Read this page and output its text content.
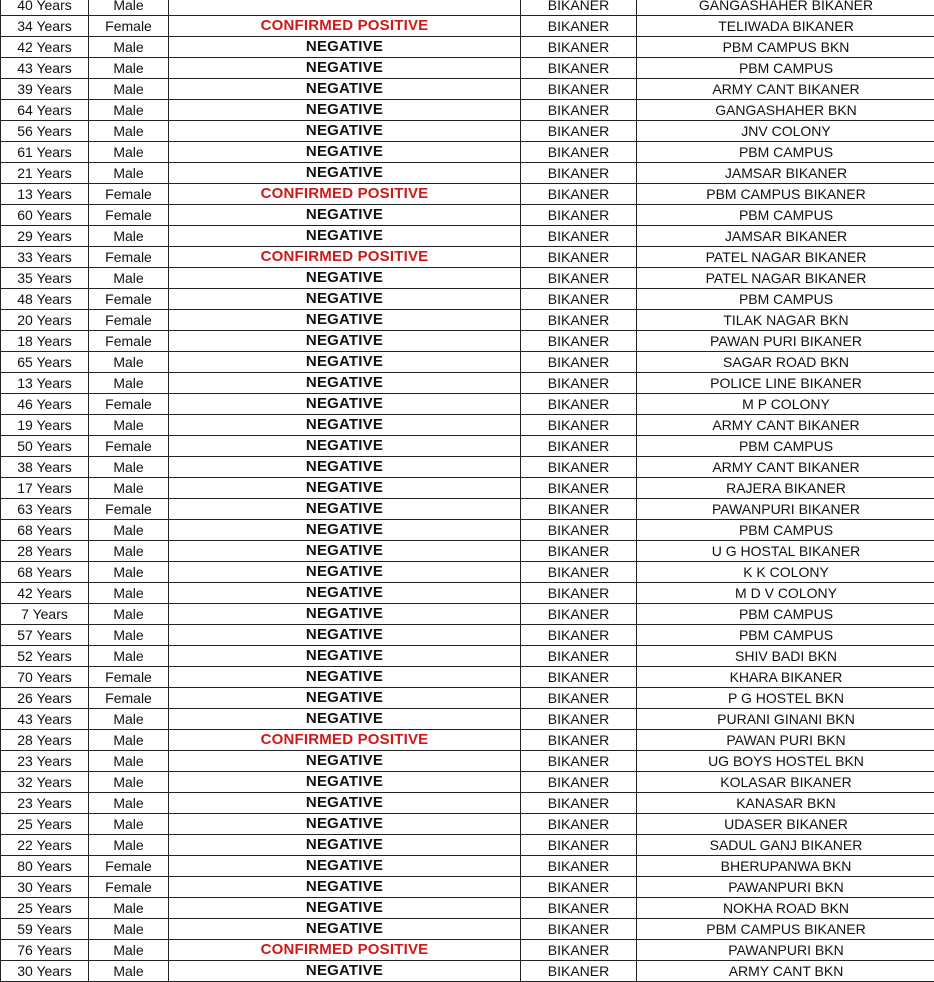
40 Years	Male		BIKANER	GANGASHAHER BIKANER
34 Years	Female	CONFIRMED POSITIVE	BIKANER	TELIWADA BIKANER
42 Years	Male	NEGATIVE	BIKANER	PBM CAMPUS BKN
43 Years	Male	NEGATIVE	BIKANER	PBM CAMPUS
39 Years	Male	NEGATIVE	BIKANER	ARMY CANT BIKANER
64 Years	Male	NEGATIVE	BIKANER	GANGASHAHER BKN
56 Years	Male	NEGATIVE	BIKANER	JNV COLONY
61 Years	Male	NEGATIVE	BIKANER	PBM CAMPUS
21 Years	Male	NEGATIVE	BIKANER	JAMSAR BIKANER
13 Years	Female	CONFIRMED POSITIVE	BIKANER	PBM CAMPUS BIKANER
60 Years	Female	NEGATIVE	BIKANER	PBM CAMPUS
29 Years	Male	NEGATIVE	BIKANER	JAMSAR BIKANER
33 Years	Female	CONFIRMED POSITIVE	BIKANER	PATEL NAGAR BIKANER
35 Years	Male	NEGATIVE	BIKANER	PATEL NAGAR BIKANER
48 Years	Female	NEGATIVE	BIKANER	PBM CAMPUS
20 Years	Female	NEGATIVE	BIKANER	TILAK NAGAR BKN
18 Years	Female	NEGATIVE	BIKANER	PAWAN PURI BIKANER
65 Years	Male	NEGATIVE	BIKANER	SAGAR ROAD BKN
13 Years	Male	NEGATIVE	BIKANER	POLICE LINE BIKANER
46 Years	Female	NEGATIVE	BIKANER	M P COLONY
19 Years	Male	NEGATIVE	BIKANER	ARMY CANT BIKANER
50 Years	Female	NEGATIVE	BIKANER	PBM CAMPUS
38 Years	Male	NEGATIVE	BIKANER	ARMY CANT BIKANER
17 Years	Male	NEGATIVE	BIKANER	RAJERA BIKANER
63 Years	Female	NEGATIVE	BIKANER	PAWANPURI BIKANER
68 Years	Male	NEGATIVE	BIKANER	PBM CAMPUS
28 Years	Male	NEGATIVE	BIKANER	U G HOSTAL BIKANER
68 Years	Male	NEGATIVE	BIKANER	K K COLONY
42 Years	Male	NEGATIVE	BIKANER	M D V COLONY
7 Years	Male	NEGATIVE	BIKANER	PBM CAMPUS
57 Years	Male	NEGATIVE	BIKANER	PBM CAMPUS
52 Years	Male	NEGATIVE	BIKANER	SHIV BADI BKN
70 Years	Female	NEGATIVE	BIKANER	KHARA BIKANER
26 Years	Female	NEGATIVE	BIKANER	P G HOSTEL BKN
43 Years	Male	NEGATIVE	BIKANER	PURANI GINANI BKN
28 Years	Male	CONFIRMED POSITIVE	BIKANER	PAWAN PURI BKN
23 Years	Male	NEGATIVE	BIKANER	UG BOYS HOSTEL BKN
32 Years	Male	NEGATIVE	BIKANER	KOLASAR BIKANER
23 Years	Male	NEGATIVE	BIKANER	KANASAR BKN
25 Years	Male	NEGATIVE	BIKANER	UDASER BIKANER
22 Years	Male	NEGATIVE	BIKANER	SADUL GANJ BIKANER
80 Years	Female	NEGATIVE	BIKANER	BHERUPANWA BKN
30 Years	Female	NEGATIVE	BIKANER	PAWANPURI BKN
25 Years	Male	NEGATIVE	BIKANER	NOKHA ROAD BKN
59 Years	Male	NEGATIVE	BIKANER	PBM CAMPUS BIKANER
76 Years	Male	CONFIRMED POSITIVE	BIKANER	PAWANPURI BKN
30 Years	Male	NEGATIVE	BIKANER	ARMY CANT BKN
